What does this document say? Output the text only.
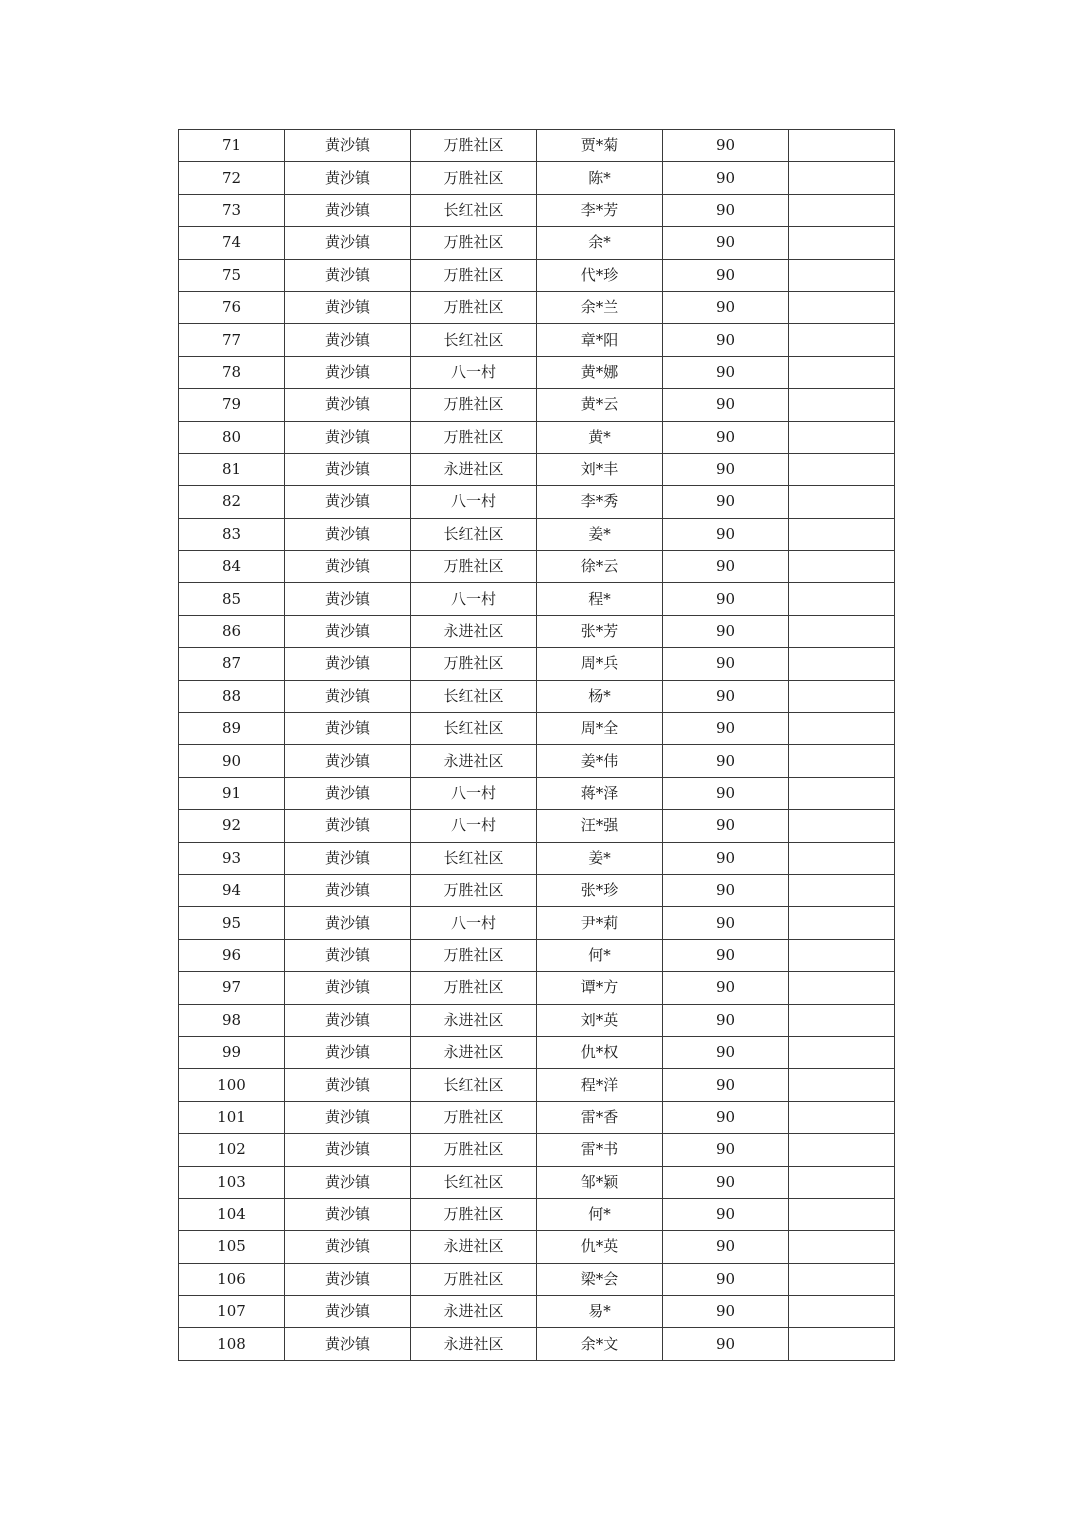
71	黄沙镇	万胜社区	贾*菊	90	
72	黄沙镇	万胜社区	陈*	90	
73	黄沙镇	长红社区	李*芳	90	
74	黄沙镇	万胜社区	余*	90	
75	黄沙镇	万胜社区	代*珍	90	
76	黄沙镇	万胜社区	余*兰	90	
77	黄沙镇	长红社区	章*阳	90	
78	黄沙镇	八一村	黄*娜	90	
79	黄沙镇	万胜社区	黄*云	90	
80	黄沙镇	万胜社区	黄*	90	
81	黄沙镇	永进社区	刘*丰	90	
82	黄沙镇	八一村	李*秀	90	
83	黄沙镇	长红社区	姜*	90	
84	黄沙镇	万胜社区	徐*云	90	
85	黄沙镇	八一村	程*	90	
86	黄沙镇	永进社区	张*芳	90	
87	黄沙镇	万胜社区	周*兵	90	
88	黄沙镇	长红社区	杨*	90	
89	黄沙镇	长红社区	周*全	90	
90	黄沙镇	永进社区	姜*伟	90	
91	黄沙镇	八一村	蒋*泽	90	
92	黄沙镇	八一村	汪*强	90	
93	黄沙镇	长红社区	姜*	90	
94	黄沙镇	万胜社区	张*珍	90	
95	黄沙镇	八一村	尹*莉	90	
96	黄沙镇	万胜社区	何*	90	
97	黄沙镇	万胜社区	谭*方	90	
98	黄沙镇	永进社区	刘*英	90	
99	黄沙镇	永进社区	仇*权	90	
100	黄沙镇	长红社区	程*洋	90	
101	黄沙镇	万胜社区	雷*香	90	
102	黄沙镇	万胜社区	雷*书	90	
103	黄沙镇	长红社区	邹*颖	90	
104	黄沙镇	万胜社区	何*	90	
105	黄沙镇	永进社区	仇*英	90	
106	黄沙镇	万胜社区	梁*会	90	
107	黄沙镇	永进社区	易*	90	
108	黄沙镇	永进社区	余*文	90	
